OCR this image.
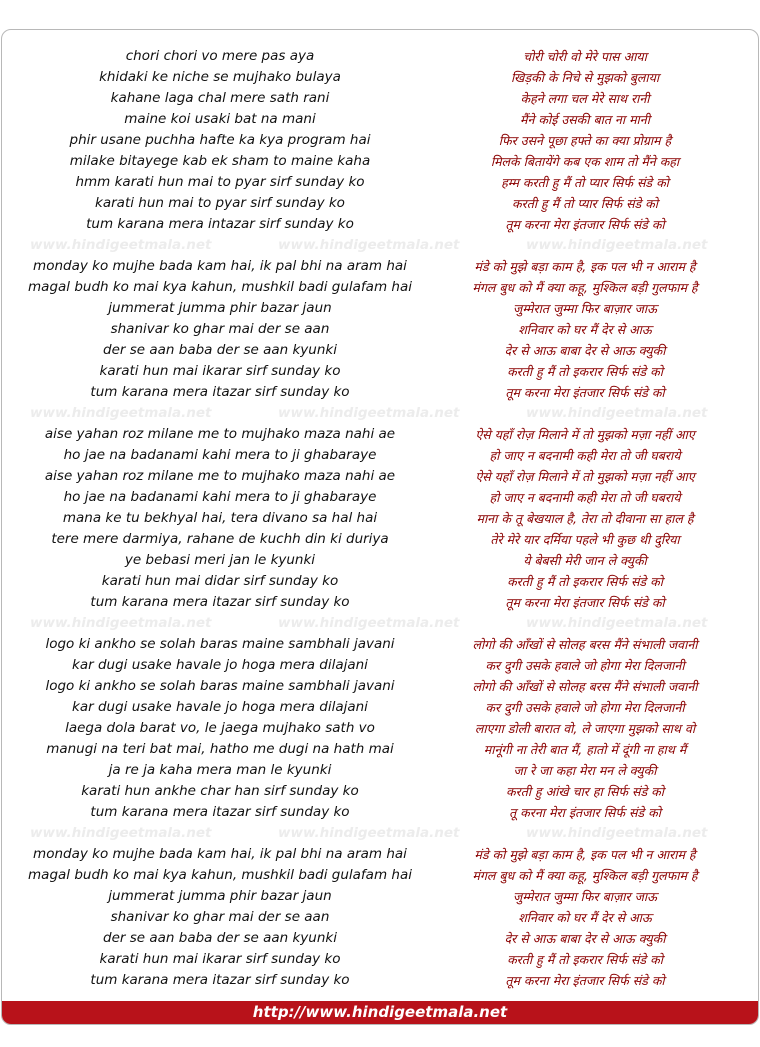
chori chori vo mere pas aya	चोरी चोरी वो मेरे पास आया
khidaki ke niche se mujhako bulaya	खिड़की के निचे से मुझको बुलाया
kahane laga chal mere sath rani	केहने लगा चल मेरे साथ रानी
maine koi usaki bat na mani	मैंने कोई उसकी बात ना मानी
phir usane puchha hafte ka kya program hai	फिर उसने पूछा हफ्ते का क्या प्रोग्राम है
milake bitayege kab ek sham to maine kaha	मिलके बितायेंगे कब एक शाम तो मैंने कहा
hmm karati hun mai to pyar sirf sunday ko	हम्म करती हु मैं तो प्यार सिर्फ संडे को
karati hun mai to pyar sirf sunday ko	करती हु मैं तो प्यार सिर्फ संडे को
tum karana mera intazar sirf sunday ko	तूम करना मेरा इंतजार सिर्फ संडे को
www.hindigeetmala.net	www.hindigeetmala.net	www.hindigeetmala.net
monday ko mujhe bada kam hai, ik pal bhi na aram hai	मंडे को मुझे बड़ा काम है, इक पल भी न आराम है
magal budh ko mai kya kahun, mushkil badi gulafam hai	मंगल बुध को मैं क्या कहू, मुश्किल बड़ी गुलफाम है
jummerat jumma phir bazar jaun	जुम्मेरात जुम्मा फिर बाज़ार जाऊ
shanivar ko ghar mai der se aan	शनिवार को घर मैं देर से आऊ
der se aan baba der se aan kyunki	देर से आऊ बाबा देर से आऊ क्युकी
karati hun mai ikarar sirf sunday ko	करती हु मैं तो इकरार सिर्फ संडे को
tum karana mera itazar sirf sunday ko	तूम करना मेरा इंतजार सिर्फ संडे को
www.hindigeetmala.net	www.hindigeetmala.net	www.hindigeetmala.net
aise yahan roz milane me to mujhako maza nahi ae	ऐसे यहाँ रोज़ मिलाने में तो मुझको मज़ा नहीं आए
ho jae na badanami kahi mera to ji ghabaraye	हो जाए न बदनामी कही मेरा तो जी घबराये
aise yahan roz milane me to mujhako maza nahi ae	ऐसे यहाँ रोज़ मिलाने में तो मुझको मज़ा नहीं आए
ho jae na badanami kahi mera to ji ghabaraye	हो जाए न बदनामी कही मेरा तो जी घबराये
mana ke tu bekhyal hai, tera divano sa hal hai	माना के तू बेखयाल है, तेरा तो दीवाना सा हाल है
tere mere darmiya, rahane de kuchh din ki duriya	तेरे मेरे यार दर्मिया पहले भी कुछ थी दुरिया
ye bebasi meri jan le kyunki	ये बेबसी मेरी जान ले क्युकी
karati hun mai didar sirf sunday ko	करती हु मैं तो इकरार सिर्फ संडे को
tum karana mera itazar sirf sunday ko	तूम करना मेरा इंतजार सिर्फ संडे को
www.hindigeetmala.net	www.hindigeetmala.net	www.hindigeetmala.net
logo ki ankho se solah baras maine sambhali javani	लोगो की आँखों से सोलह बरस मैंने संभाली जवानी
kar dugi usake havale jo hoga mera dilajani	कर दुगी उसके हवाले जो होगा मेरा दिलजानी
logo ki ankho se solah baras maine sambhali javani	लोगो की आँखों से सोलह बरस मैंने संभाली जवानी
kar dugi usake havale jo hoga mera dilajani	कर दुगी उसके हवाले जो होगा मेरा दिलजानी
laega dola barat vo, le jaega mujhako sath vo	लाएगा डोली बारात वो, ले जाएगा मुझको साथ वो
manugi na teri bat mai, hatho me dugi na hath mai	मानूंगी ना तेरी बात मैं, हातो में दूंगी ना हाथ मैं
ja re ja kaha mera man le kyunki	जा रे जा कहा मेरा मन ले क्युकी
karati hun ankhe char han sirf sunday ko	करती हु आंखे चार हा सिर्फ संडे को
tum karana mera itazar sirf sunday ko	तू करना मेरा इंतजार सिर्फ संडे को
www.hindigeetmala.net	www.hindigeetmala.net	www.hindigeetmala.net
monday ko mujhe bada kam hai, ik pal bhi na aram hai	मंडे को मुझे बड़ा काम है, इक पल भी न आराम है
magal budh ko mai kya kahun, mushkil badi gulafam hai	मंगल बुध को मैं क्या कहू, मुश्किल बड़ी गुलफाम है
jummerat jumma phir bazar jaun	जुम्मेरात जुम्मा फिर बाज़ार जाऊ
shanivar ko ghar mai der se aan	शनिवार को घर मैं देर से आऊ
der se aan baba der se aan kyunki	देर से आऊ बाबा देर से आऊ क्युकी
karati hun mai ikarar sirf sunday ko	करती हु मैं तो इकरार सिर्फ संडे को
tum karana mera itazar sirf sunday ko	तूम करना मेरा इंतजार सिर्फ संडे को
http://www.hindigeetmala.net
